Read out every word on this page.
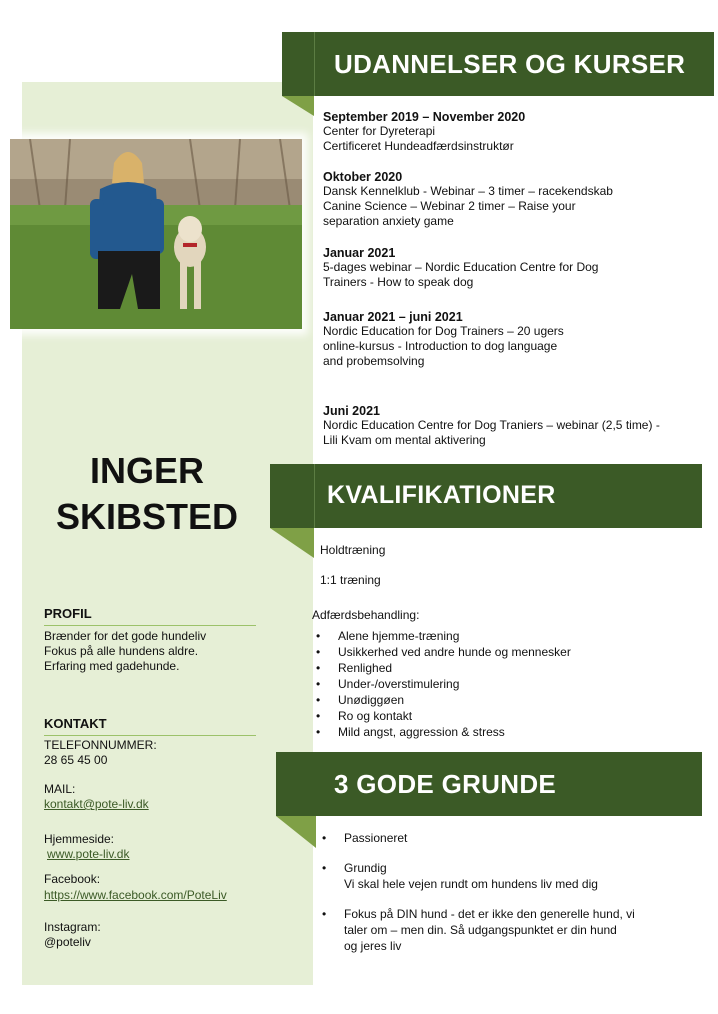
INGER
SKIBSTED
PROFIL
Brænder for det gode hundeliv
Fokus på alle hundens aldre.
Erfaring med gadehunde.
KONTAKT
TELEFONNUMMER:
28 65 45 00
MAIL:
kontakt@pote-liv.dk
Hjemmeside:
www.pote-liv.dk
Facebook:
https://www.facebook.com/PoteLiv
Instagram:
@poteliv
UDANNELSER OG KURSER
September 2019 – November 2020
Center for Dyreterapi
Certificeret Hundeadfærdsinstruktør
Oktober 2020
Dansk Kennelklub - Webinar – 3 timer – racekendskab
Canine Science – Webinar 2 timer – Raise your
separation anxiety game
Januar 2021
5-dages webinar – Nordic Education Centre for Dog
Trainers - How to speak dog
Januar 2021 – juni 2021
Nordic Education for Dog Trainers – 20 ugers
online-kursus - Introduction to dog language
and probemsolving
Juni 2021
Nordic Education Centre for Dog Traniers – webinar (2,5 time) -
Lili Kvam om mental aktivering
KVALIFIKATIONER
Holdtræning
1:1 træning
Adfærdsbehandling:
• Alene hjemme-træning
• Usikkerhed ved andre hunde og mennesker
• Renlighed
• Under-/overstimulering
• Unødiggøen
• Ro og kontakt
• Mild angst, aggression & stress
3 GODE GRUNDE
• Passioneret
• Grundig
Vi skal hele vejen rundt om hundens liv med dig
• Fokus på DIN hund - det er ikke den generelle hund, vi
taler om – men din. Så udgangspunktet er din hund
og jeres liv
